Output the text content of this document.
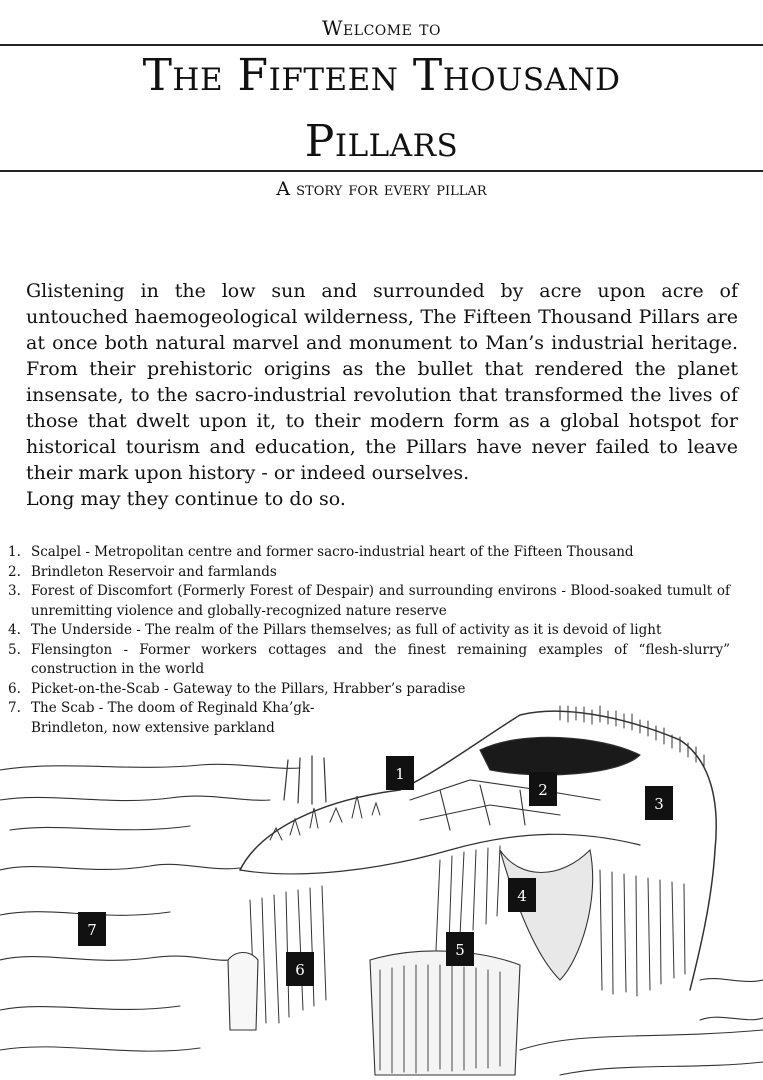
Welcome to
The Fifteen Thousand
Pillars
A story for every pillar

Glistening in the low sun and surrounded by acre upon acre of untouched haemogeological wilderness, The Fifteen Thousand Pillars are at once both natural marvel and monument to Man’s industrial heritage. From their prehistoric origins as the bullet that rendered the planet insensate, to the sacro-industrial revolution that transformed the lives of those that dwelt upon it, to their modern form as a global hotspot for historical tourism and education, the Pillars have never failed to leave their mark upon history - or indeed ourselves.

Long may they continue to do so.

1. Scalpel - Metropolitan centre and former sacro-industrial heart of the Fifteen Thousand
2. Brindleton Reservoir and farmlands
3. Forest of Discomfort (Formerly Forest of Despair) and surrounding environs - Blood-soaked tumult of unremitting violence and globally-recognized nature reserve
4. The Underside - The realm of the Pillars themselves; as full of activity as it is devoid of light
5. Flensington - Former workers cottages and the finest remaining examples of “flesh-slurry” construction in the world
6. Picket-on-the-Scab - Gateway to the Pillars, Hrabber’s paradise
7. The Scab - The doom of Reginald Kha’gk-Brindleton, now extensive parkland
1
2
3
4
5
6
7
